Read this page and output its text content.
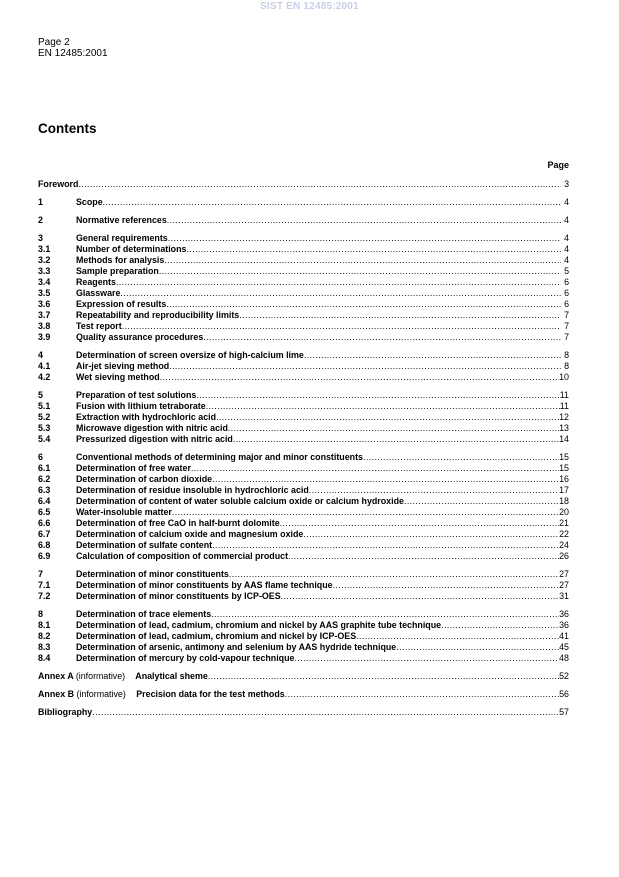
SIST EN 12485:2001
Page 2
EN 12485:2001
Contents
Page
Foreword .....	3
1	Scope .....	4
2	Normative references .....	4
3	General requirements .....	4
3.1	Number of determinations .....	4
3.2	Methods for analysis .....	4
3.3	Sample preparation .....	5
3.4	Reagents .....	6
3.5	Glassware .....	6
3.6	Expression of results .....	6
3.7	Repeatability and reproducibility limits .....	7
3.8	Test report .....	7
3.9	Quality assurance procedures .....	7
4	Determination of screen oversize of high-calcium lime .....	8
4.1	Air-jet sieving method .....	8
4.2	Wet sieving method .....	10
5	Preparation of test solutions .....	11
5.1	Fusion with lithium tetraborate .....	11
5.2	Extraction with hydrochloric acid .....	12
5.3	Microwave digestion with nitric acid .....	13
5.4	Pressurized digestion with nitric acid .....	14
6	Conventional methods of determining major and minor constituents .....	15
6.1	Determination of free water .....	15
6.2	Determination of carbon dioxide .....	16
6.3	Determination of residue insoluble in hydrochloric acid .....	17
6.4	Determination of content of water soluble calcium oxide or calcium hydroxide .....	18
6.5	Water-insoluble matter .....	20
6.6	Determination of free CaO in half-burnt dolomite .....	21
6.7	Determination of calcium oxide and magnesium oxide .....	22
6.8	Determination of sulfate content .....	24
6.9	Calculation of composition of commercial product .....	26
7	Determination of minor constituents .....	27
7.1	Determination of minor constituents by AAS flame technique .....	27
7.2	Determination of minor constituents by ICP-OES .....	31
8	Determination of trace elements .....	36
8.1	Determination of lead, cadmium, chromium and nickel by AAS graphite tube technique .....	36
8.2	Determination of lead, cadmium, chromium and nickel by ICP-OES .....	41
8.3	Determination of arsenic, antimony and selenium by AAS hydride technique .....	45
8.4	Determination of mercury by cold-vapour technique .....	48
Annex A (informative) Analytical sheme .....	52
Annex B (informative) Precision data for the test methods .....	56
Bibliography .....	57
